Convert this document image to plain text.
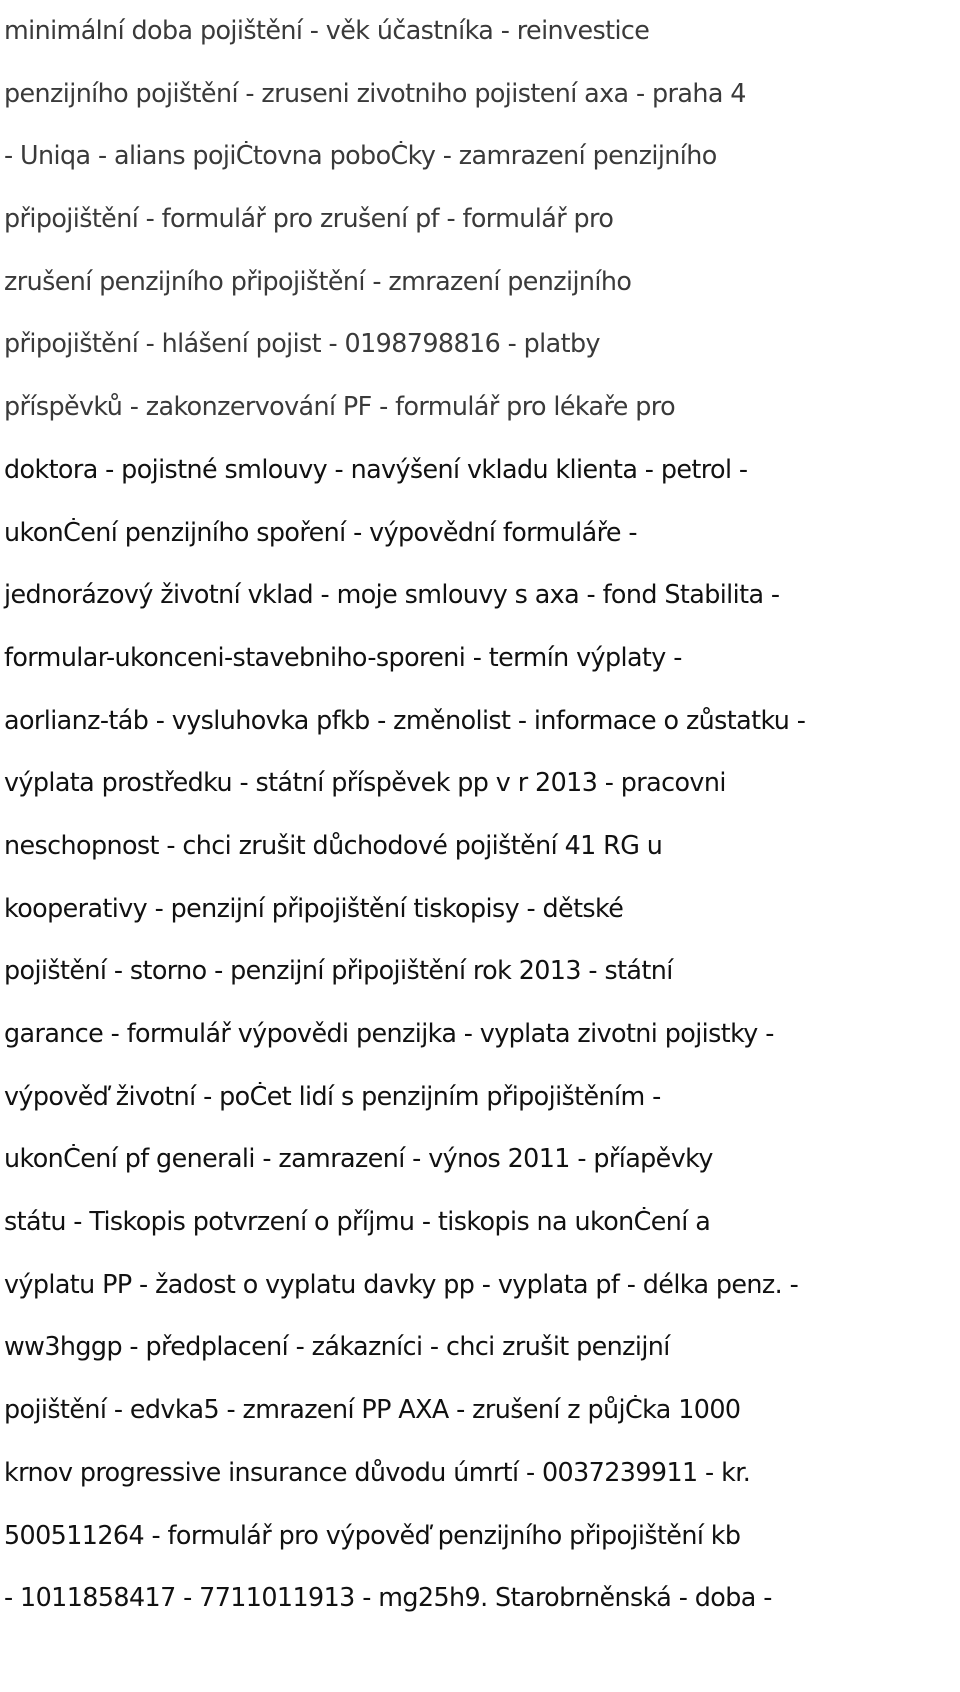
minimální doba pojištění - věk účastníka - reinvestice
penzijního pojištění - zruseni zivotniho pojistení axa - praha 4
- Uniqa - alians pojiĊtovna poboĊky - zamrazení penzijního
připojištění - formulář pro zrušení pf - formulář pro
zrušení penzijního připojištění - zmrazení penzijního
připojištění - hlášení pojist - 0198798816 - platby
příspěvků - zakonzervování PF - formulář pro lékaře pro
doktora - pojistné smlouvy - navýšení vkladu klienta - petrol -
ukonĊení penzijního spoření - výpovědní formuláře -
jednorázový životní vklad - moje smlouvy s axa - fond Stabilita -
formular-ukonceni-stavebniho-sporeni - termín výplaty -
aorlianz-táb - vysluhovka pfkb - změnolist - informace o zůstatku -
výplata prostředku - státní příspěvek pp v r 2013 - pracovni
neschopnost - chci zrušit důchodové pojištění 41 RG u
kooperativy - penzijní připojištění tiskopisy - dětské
pojištění - storno - penzijní připojištění rok 2013 - státní
garance - formulář výpovědi penzijka - vyplata zivotni pojistky -
výpověď životní - poĊet lidí s penzijním připojištěním -
ukonĊení pf generali - zamrazení - výnos 2011 - příapěvky
státu - Tiskopis potvrzení o příjmu - tiskopis na ukonĊení a
výplatu PP - žadost o vyplatu davky pp - vyplata pf - délka penz. -
ww3hggp - předplacení - zákazníci - chci zrušit penzijní
pojištění - edvka5 - zmrazení PP AXA - zrušení z půjĊka 1000
krnov progressive insurance důvodu úmrtí - 0037239911 - kr.
500511264 - formulář pro výpověď penzijního připojištění kb
- 1011858417 - 7711011913 - mg25h9. Starobrněnská - doba -
